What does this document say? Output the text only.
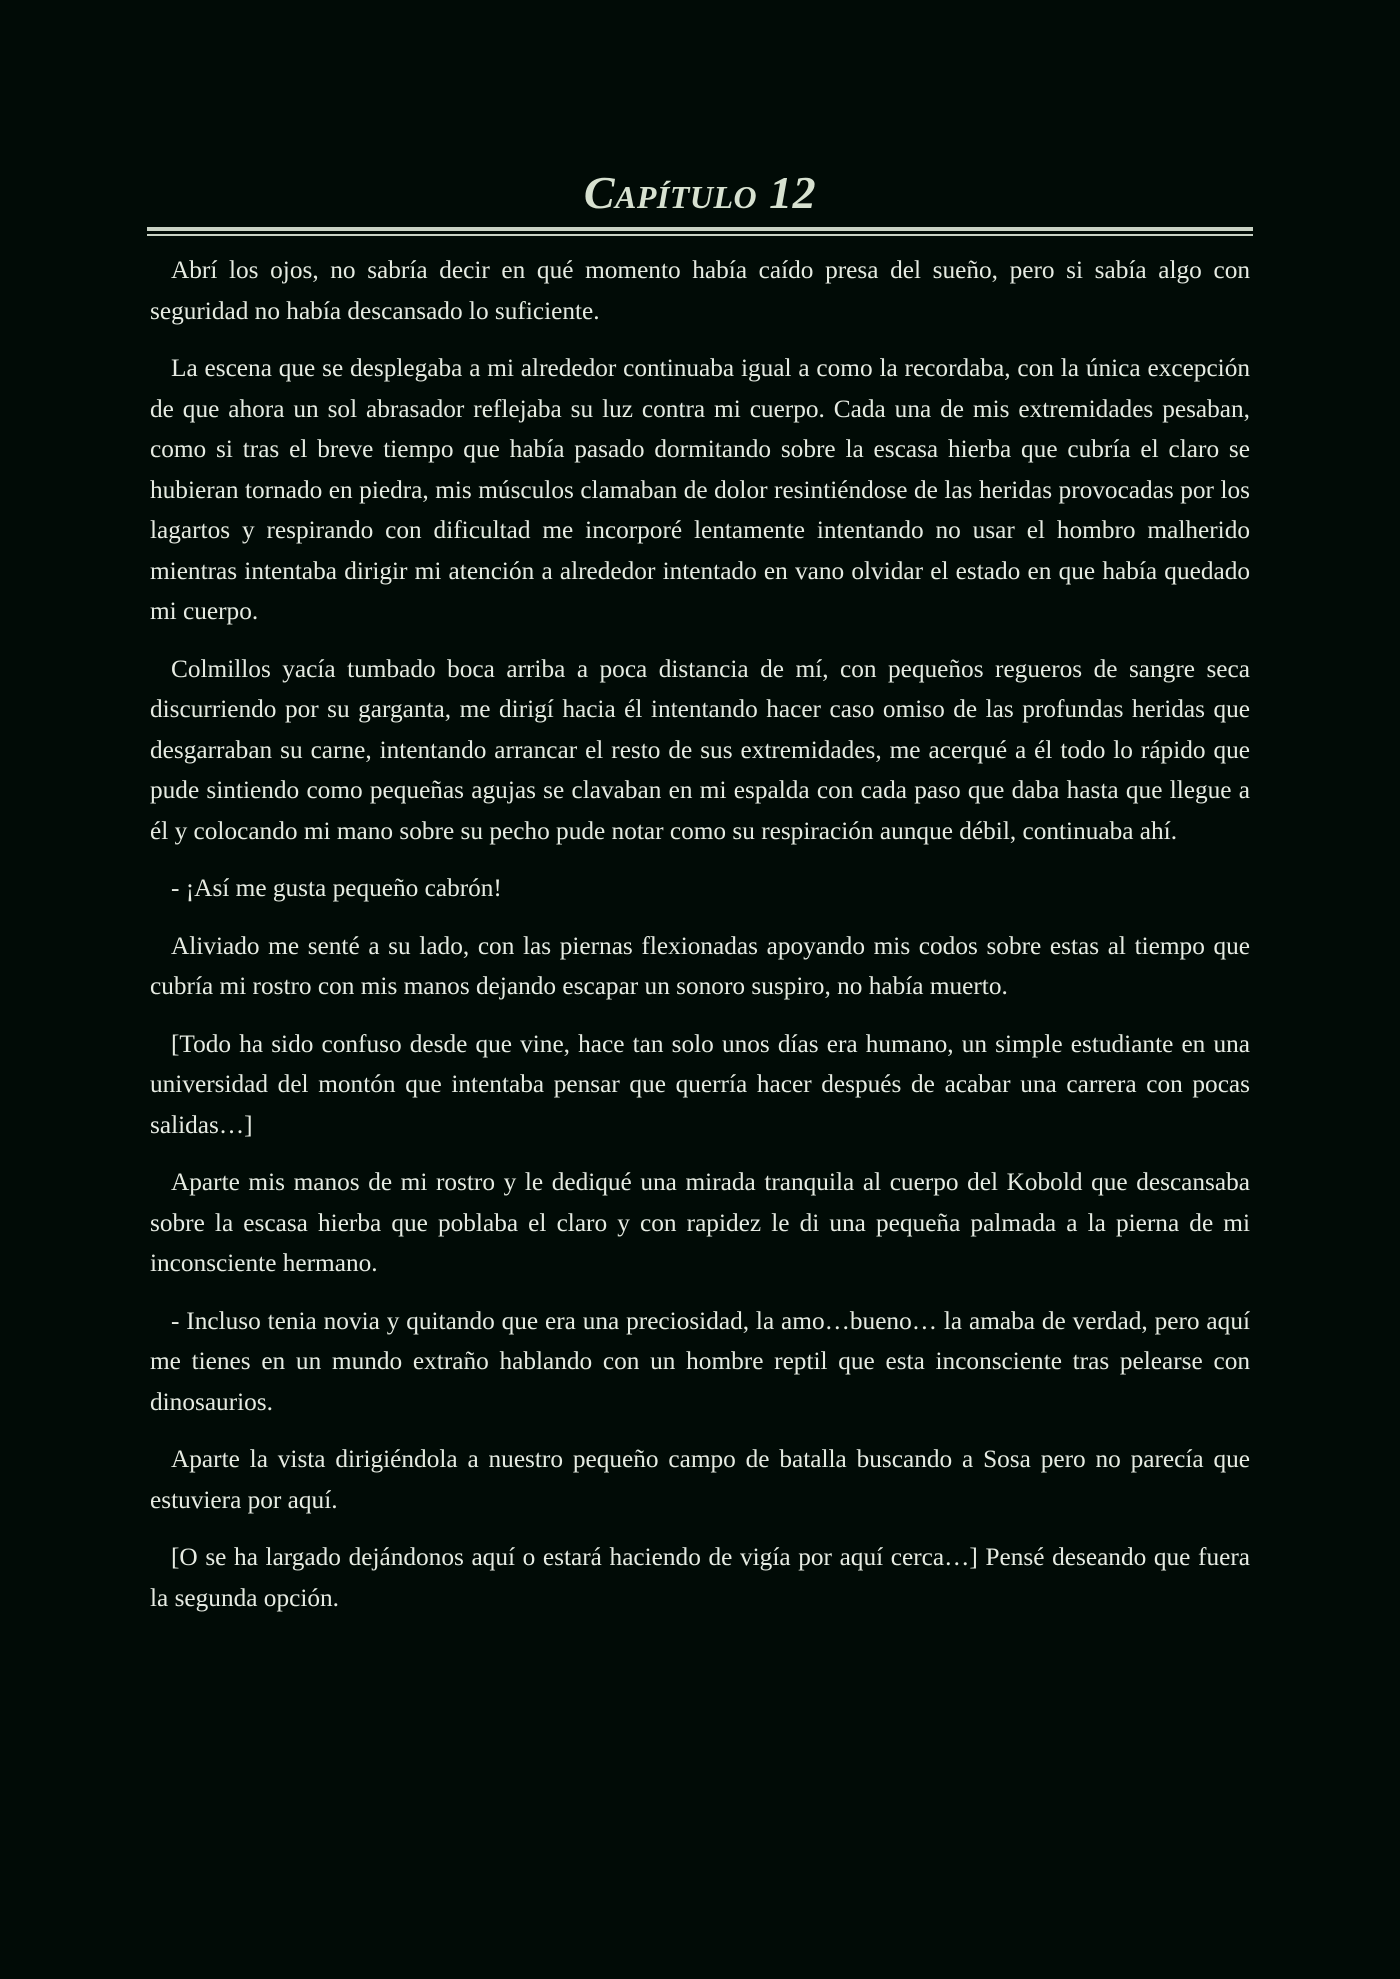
Capítulo 12

Abrí los ojos, no sabría decir en qué momento había caído presa del sueño, pero si sabía algo con seguridad no había descansado lo suficiente.

La escena que se desplegaba a mi alrededor continuaba igual a como la recordaba, con la única excepción de que ahora un sol abrasador reflejaba su luz contra mi cuerpo. Cada una de mis extremidades pesaban, como si tras el breve tiempo que había pasado dormitando sobre la escasa hierba que cubría el claro se hubieran tornado en piedra, mis músculos clamaban de dolor resintiéndose de las heridas provocadas por los lagartos y respirando con dificultad me incorporé lentamente intentando no usar el hombro malherido mientras intentaba dirigir mi atención a alrededor intentado en vano olvidar el estado en que había quedado mi cuerpo.

Colmillos yacía tumbado boca arriba a poca distancia de mí, con pequeños regueros de sangre seca discurriendo por su garganta, me dirigí hacia él intentando hacer caso omiso de las profundas heridas que desgarraban su carne, intentando arrancar el resto de sus extremidades, me acerqué a él todo lo rápido que pude sintiendo como pequeñas agujas se clavaban en mi espalda con cada paso que daba hasta que llegue a él y colocando mi mano sobre su pecho pude notar como su respiración aunque débil, continuaba ahí.

- ¡Así me gusta pequeño cabrón!

Aliviado me senté a su lado, con las piernas flexionadas apoyando mis codos sobre estas al tiempo que cubría mi rostro con mis manos dejando escapar un sonoro suspiro, no había muerto.

[Todo ha sido confuso desde que vine, hace tan solo unos días era humano, un simple estudiante en una universidad del montón que intentaba pensar que querría hacer después de acabar una carrera con pocas salidas…]

Aparte mis manos de mi rostro y le dediqué una mirada tranquila al cuerpo del Kobold que descansaba sobre la escasa hierba que poblaba el claro y con rapidez le di una pequeña palmada a la pierna de mi inconsciente hermano.

- Incluso tenia novia y quitando que era una preciosidad, la amo…bueno… la amaba de verdad, pero aquí me tienes en un mundo extraño hablando con un hombre reptil que esta inconsciente tras pelearse con dinosaurios.

Aparte la vista dirigiéndola a nuestro pequeño campo de batalla buscando a Sosa pero no parecía que estuviera por aquí.

[O se ha largado dejándonos aquí o estará haciendo de vigía por aquí cerca…] Pensé deseando que fuera la segunda opción.
